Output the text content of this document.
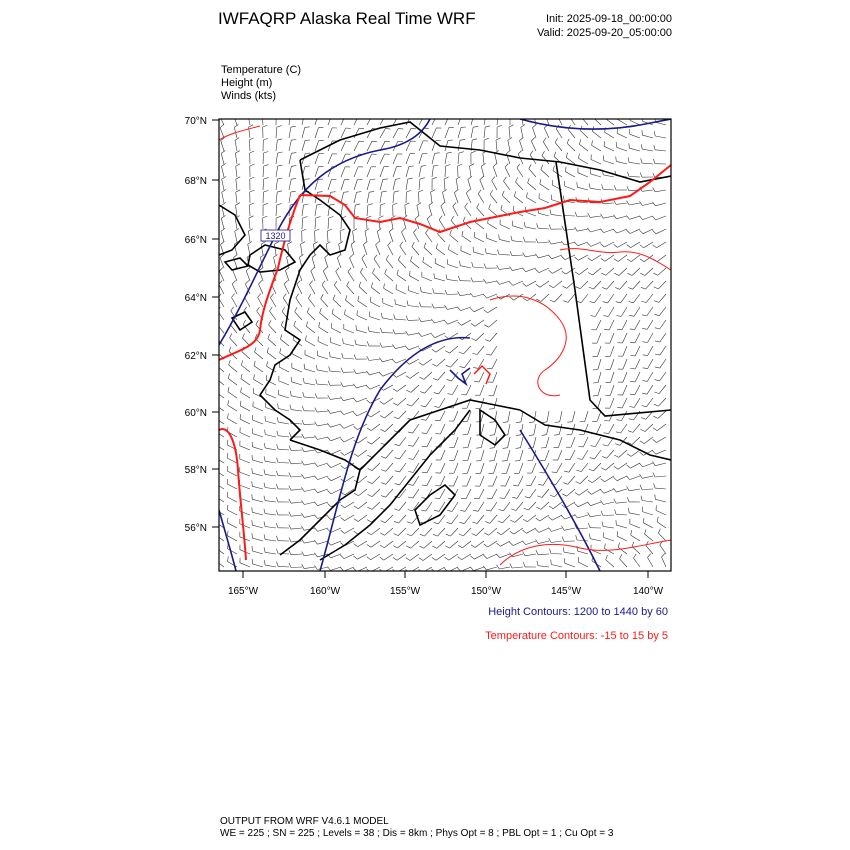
IWFAQRP Alaska Real Time WRF	Init: 2025-09-18_00:00:00
Valid: 2025-09-20_05:00:00
Temperature (C)
Height (m)
Winds (kts)
1320
70°N
68°N
66°N
64°N
62°N
60°N
58°N
56°N
165°W	160°W	155°W	150°W	145°W	140°W
Height Contours: 1200 to 1440 by 60
Temperature Contours: -15 to 15 by 5
OUTPUT FROM WRF V4.6.1 MODEL
WE = 225 ; SN = 225 ; Levels = 38 ; Dis = 8km ; Phys Opt = 8 ; PBL Opt = 1 ; Cu Opt = 3
